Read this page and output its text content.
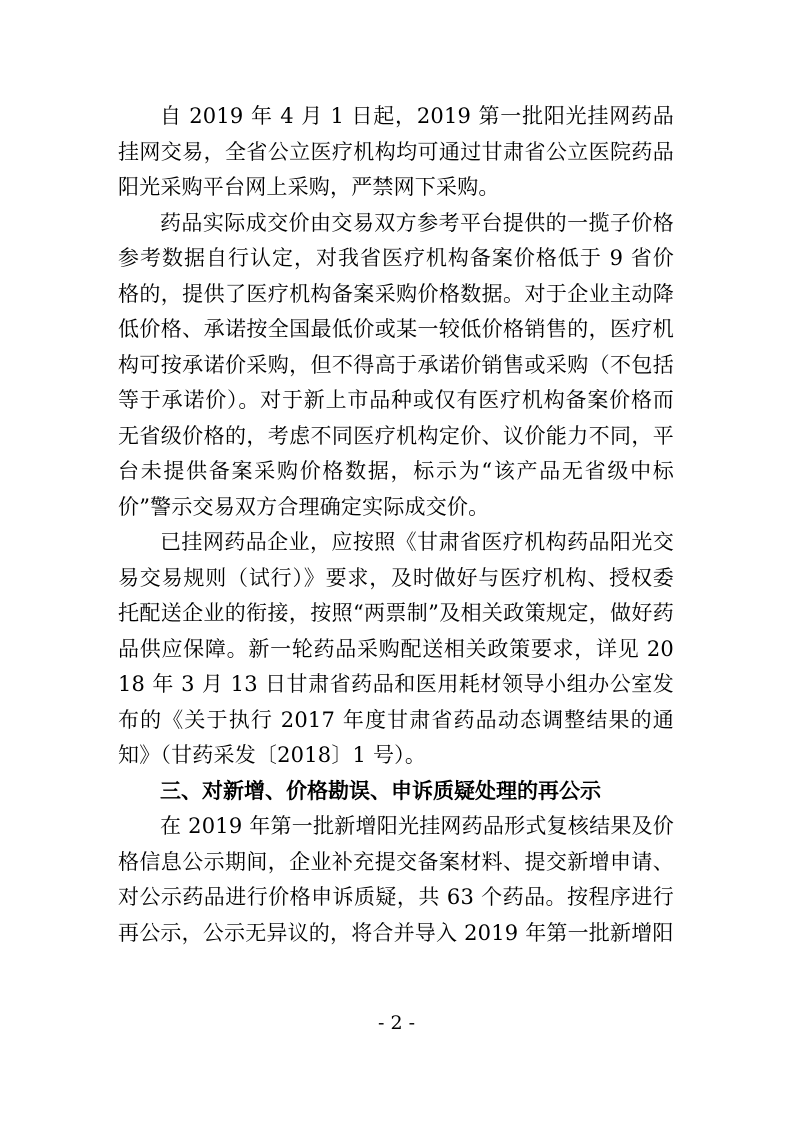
自 2019 年 4 月 1 日起，2019 第一批阳光挂网药品挂网交易，全省公立医疗机构均可通过甘肃省公立医院药品阳光采购平台网上采购，严禁网下采购。

药品实际成交价由交易双方参考平台提供的一揽子价格参考数据自行认定，对我省医疗机构备案价格低于 9 省价格的，提供了医疗机构备案采购价格数据。对于企业主动降低价格、承诺按全国最低价或某一较低价格销售的，医疗机构可按承诺价采购，但不得高于承诺价销售或采购（不包括等于承诺价）。对于新上市品种或仅有医疗机构备案价格而无省级价格的，考虑不同医疗机构定价、议价能力不同，平台未提供备案采购价格数据，标示为“该产品无省级中标价”警示交易双方合理确定实际成交价。

已挂网药品企业，应按照《甘肃省医疗机构药品阳光交易交易规则（试行）》要求，及时做好与医疗机构、授权委托配送企业的衔接，按照“两票制”及相关政策规定，做好药品供应保障。新一轮药品采购配送相关政策要求，详见 2018 年 3 月 13 日甘肃省药品和医用耗材领导小组办公室发布的《关于执行 2017 年度甘肃省药品动态调整结果的通知》（甘药采发〔2018〕1 号）。

三、对新增、价格勘误、申诉质疑处理的再公示

在 2019 年第一批新增阳光挂网药品形式复核结果及价格信息公示期间，企业补充提交备案材料、提交新增申请、对公示药品进行价格申诉质疑，共 63 个药品。按程序进行再公示，公示无异议的，将合并导入 2019 年第一批新增阳

- 2 -
